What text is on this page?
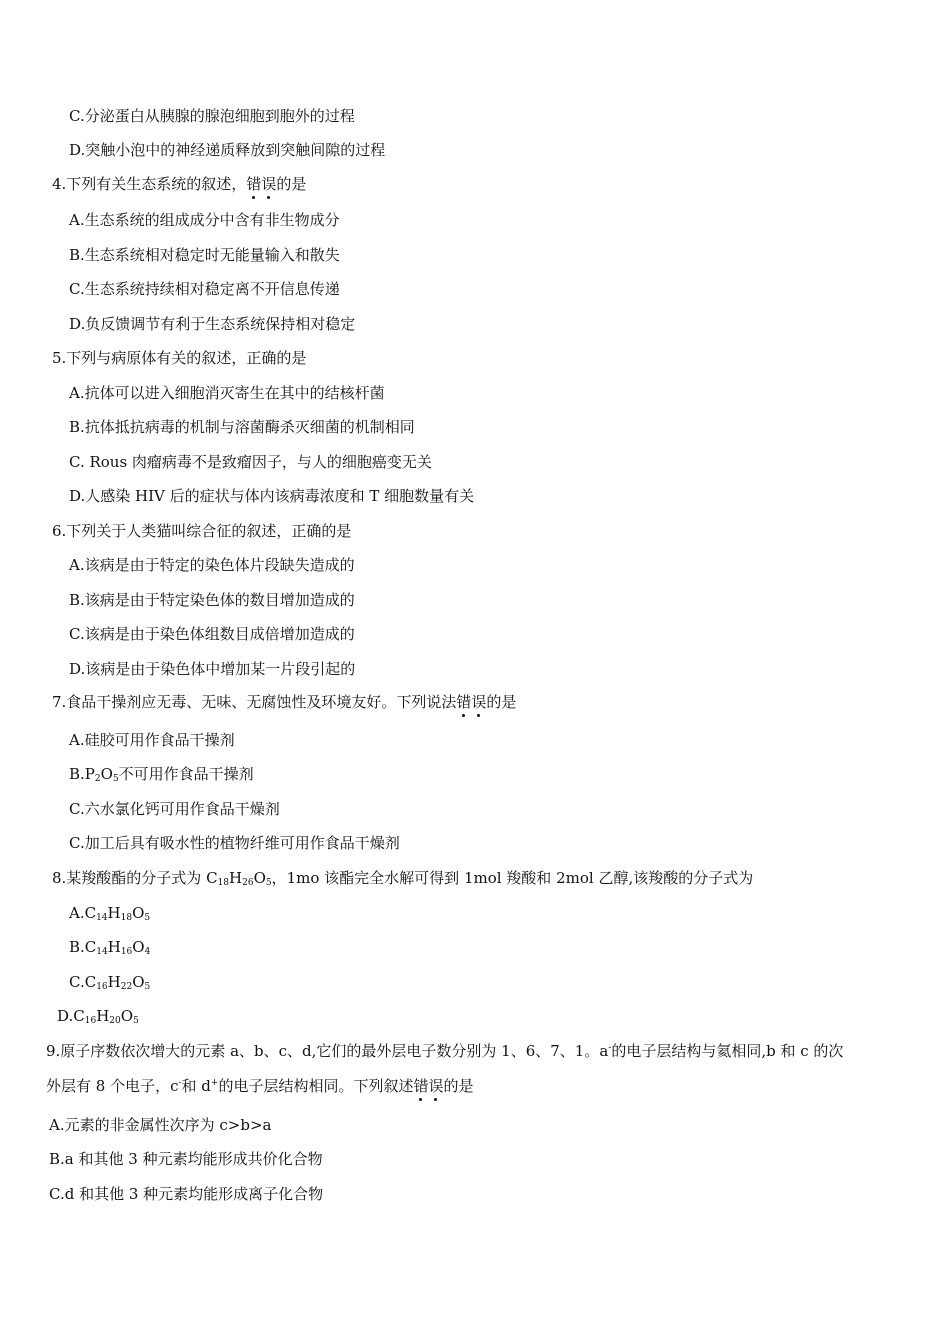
C.分泌蛋白从胰腺的腺泡细胞到胞外的过程
D.突触小泡中的神经递质释放到突触间隙的过程
4.下列有关生态系统的叙述，错误的是
A.生态系统的组成成分中含有非生物成分
B.生态系统相对稳定时无能量输入和散失
C.生态系统持续相对稳定离不开信息传递
D.负反馈调节有利于生态系统保持相对稳定
5.下列与病原体有关的叙述，正确的是
A.抗体可以进入细胞消灭寄生在其中的结核杆菌
B.抗体抵抗病毒的机制与溶菌酶杀灭细菌的机制相同
C. Rous 肉瘤病毒不是致瘤因子，与人的细胞癌变无关
D.人感染 HIV 后的症状与体内该病毒浓度和 T 细胞数量有关
6.下列关于人类猫叫综合征的叙述，正确的是
A.该病是由于特定的染色体片段缺失造成的
B.该病是由于特定染色体的数目增加造成的
C.该病是由于染色体组数目成倍增加造成的
D.该病是由于染色体中增加某一片段引起的
7.食品干操剂应无毒、无味、无腐蚀性及环境友好。下列说法错误的是
A.硅胶可用作食品干操剂
$B.P_2O_5$不可用作食品干操剂
C.六水氯化钙可用作食品干燥剂
C.加工后具有吸水性的植物纤维可用作食品干燥剂
8.某羧酸酯的分子式为 $C_{18}H_{26}O_5$，1mo 该酯完全水解可得到 1mol 羧酸和 2mol 乙醇,该羧酸的分子式为
$A.C_{14}H_{18}O_5$
$B.C_{14}H_{16}O_4$
$C.C_{16}H_{22}O_5$
$D.C_{16}H_{20}O_5$
9.原子序数依次增大的元素 a、b、c、d,它们的最外层电子数分别为 1、6、7、1。a-的电子层结构与氦相同,b 和 c 的次
外层有 8 个电子，c-和 d+的电子层结构相同。下列叙述错误的是
A.元素的非金属性次序为 c>b>a
B.a 和其他 3 种元素均能形成共价化合物
C.d 和其他 3 种元素均能形成离子化合物
